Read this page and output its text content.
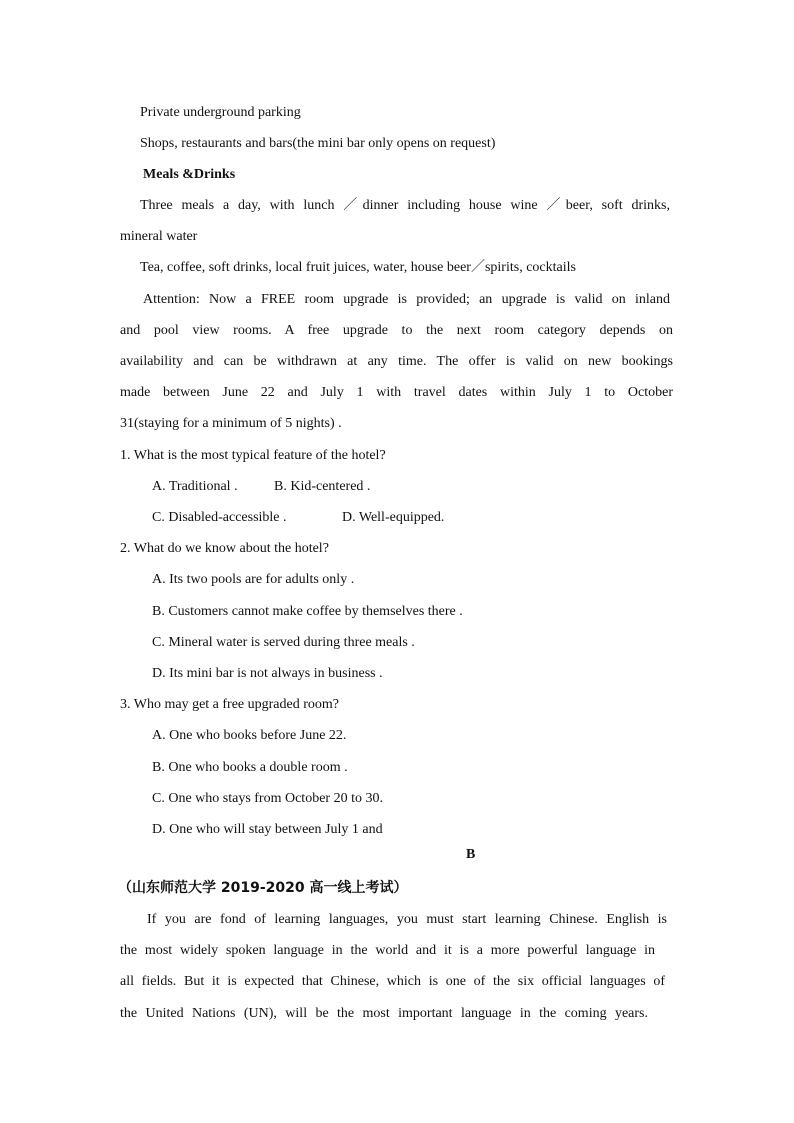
Private underground parking
Shops, restaurants and bars(the mini bar only opens on request)
Meals &Drinks
Three meals a day, with lunch ／dinner including house wine ／beer, soft drinks,
mineral water
Tea, coffee, soft drinks, local fruit juices, water, house beer／spirits, cocktails
Attention: Now a FREE room upgrade is provided; an upgrade is valid on inland
and pool view rooms. A free upgrade to the next room category depends on
availability and can be withdrawn at any time. The offer is valid on new bookings
made between June 22 and July 1 with travel dates within July 1 to October
31(staying for a minimum of 5 nights) .
1. What is the most typical feature of the hotel?
A. Traditional .	B. Kid-centered .
C. Disabled-accessible .	D. Well-equipped.
2. What do we know about the hotel?
A. Its two pools are for adults only .
B. Customers cannot make coffee by themselves there .
C. Mineral water is served during three meals .
D. Its mini bar is not always in business .
3. Who may get a free upgraded room?
A. One who books before June 22.
B. One who books a double room .
C. One who stays from October 20 to 30.
D. One who will stay between July 1 and
B
（山东师范大学 2019-2020 高一线上考试）
If you are fond of learning languages, you must start learning Chinese. English is
the most widely spoken language in the world and it is a more powerful language in
all fields. But it is expected that Chinese, which is one of the six official languages of
the United Nations (UN), will be the most important language in the coming years.
